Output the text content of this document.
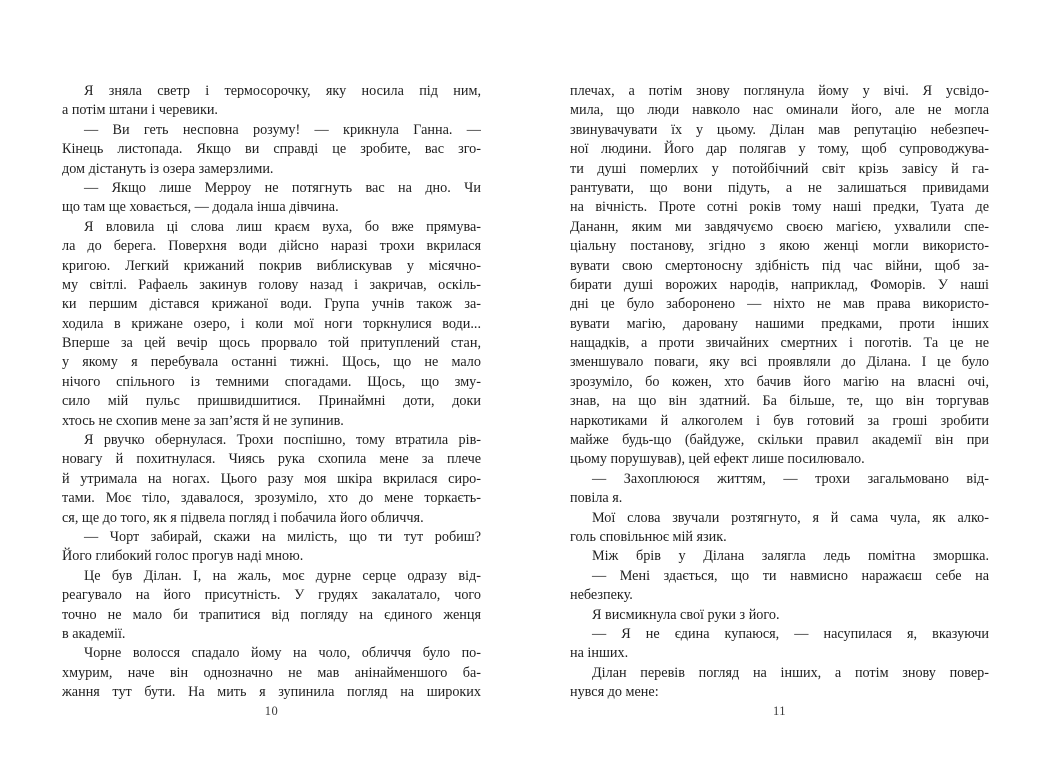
Я зняла светр і термосорочку, яку носила під ним,
а потім штани і черевики.
— Ви геть несповна розуму! — крикнула Ганна. —
Кінець листопада. Якщо ви справді це зробите, вас зго-
дом дістануть із озера замерзлими.
— Якщо лише Мерроу не потягнуть вас на дно. Чи
що там ще ховається, — додала інша дівчина.
Я вловила ці слова лиш краєм вуха, бо вже прямува-
ла до берега. Поверхня води дійсно наразі трохи вкрилася
кригою. Легкий крижаний покрив виблискував у місячно-
му світлі. Рафаель закинув голову назад і закричав, оскіль-
ки першим дістався крижаної води. Група учнів також за-
ходила в крижане озеро, і коли мої ноги торкнулися води...
Вперше за цей вечір щось прорвало той притуплений стан,
у якому я перебувала останні тижні. Щось, що не мало
нічого спільного із темними спогадами. Щось, що зму-
сило мій пульс пришвидшитися. Принаймні доти, доки
хтось не схопив мене за зап’ястя й не зупинив.
Я рвучко обернулася. Трохи поспішно, тому втратила рів-
новагу й похитнулася. Чиясь рука схопила мене за плече
й утримала на ногах. Цього разу моя шкіра вкрилася сиро-
тами. Моє тіло, здавалося, зрозуміло, хто до мене торкаєть-
ся, ще до того, як я підвела погляд і побачила його обличчя.
— Чорт забирай, скажи на милість, що ти тут робиш?
Його глибокий голос прогув наді мною.
Це був Ділан. І, на жаль, моє дурне серце одразу від-
реагувало на його присутність. У грудях закалатало, чого
точно не мало би трапитися від погляду на єдиного женця
в академії.
Чорне волосся спадало йому на чоло, обличчя було по-
хмурим, наче він однозначно не мав анінайменшого ба-
жання тут бути. На мить я зупинила погляд на широких
плечах, а потім знову поглянула йому у вічі. Я усвідо-
мила, що люди навколо нас оминали його, але не могла
звинувачувати їх у цьому. Ділан мав репутацію небезпеч-
ної людини. Його дар полягав у тому, щоб супроводжува-
ти душі померлих у потойбічний світ крізь завісу й га-
рантувати, що вони підуть, а не залишаться привидами
на вічність. Проте сотні років тому наші предки, Туата де
Дананн, яким ми завдячуємо своєю магією, ухвалили спе-
ціальну постанову, згідно з якою женці могли використо-
вувати свою смертоносну здібність під час війни, щоб за-
бирати душі ворожих народів, наприклад, Фоморів. У наші
дні це було заборонено — ніхто не мав права використо-
вувати магію, даровану нашими предками, проти інших
нащадків, а проти звичайних смертних і поготів. Та це не
зменшувало поваги, яку всі проявляли до Ділана. І це було
зрозуміло, бо кожен, хто бачив його магію на власні очі,
знав, на що він здатний. Ба більше, те, що він торгував
наркотиками й алкоголем і був готовий за гроші зробити
майже будь-що (байдуже, скільки правил академії він при
цьому порушував), цей ефект лише посилювало.
— Захоплююся життям, — трохи загальмовано від-
повіла я.
Мої слова звучали розтягнуто, я й сама чула, як алко-
голь сповільнює мій язик.
Між брів у Ділана залягла ледь помітна зморшка.
— Мені здається, що ти навмисно наражаєш себе на
небезпеку.
Я висмикнула свої руки з його.
— Я не єдина купаюся, — насупилася я, вказуючи
на інших.
Ділан перевів погляд на інших, а потім знову повер-
нувся до мене:
10	11
